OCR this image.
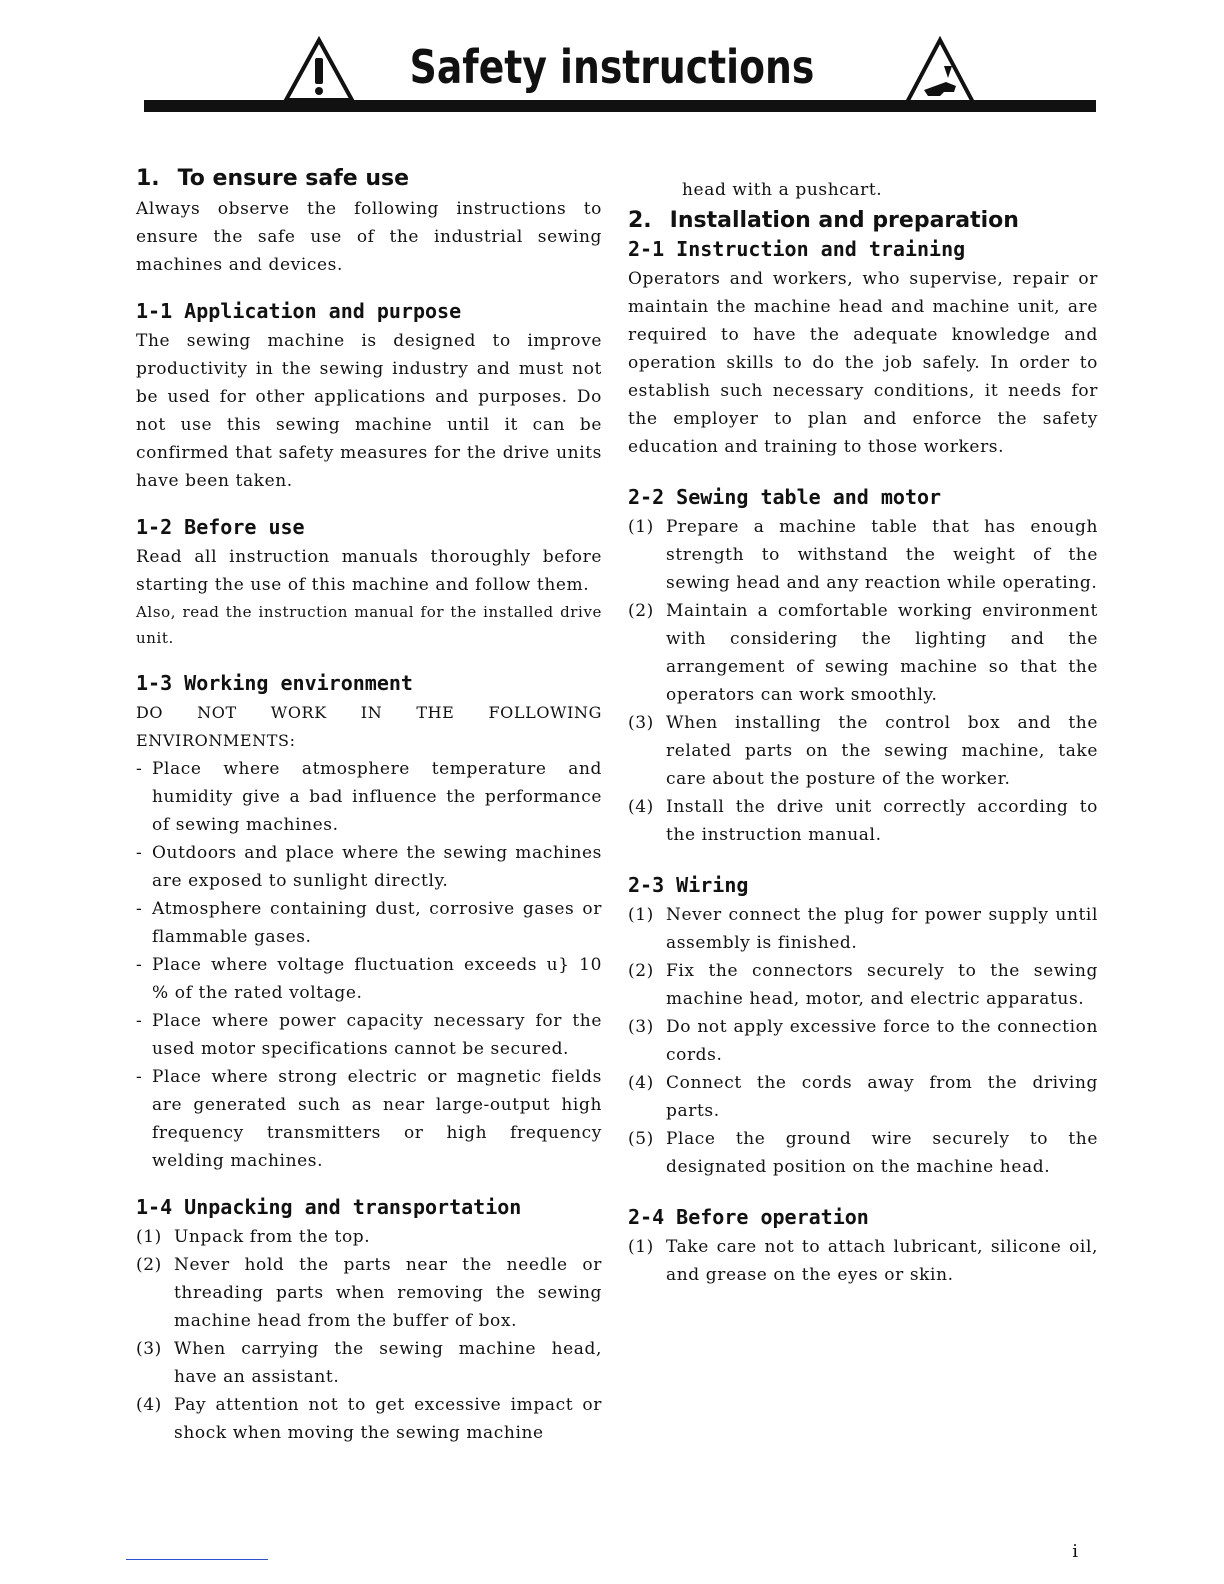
Safety instructions
1. To ensure safe use

Always observe the following instructions to ensure the safe use of the industrial sewing machines and devices.

1-1 Application and purpose

The sewing machine is designed to improve productivity in the sewing industry and must not be used for other applications and purposes. Do not use this sewing machine until it can be confirmed that safety measures for the drive units have been taken.

1-2 Before use

Read all instruction manuals thoroughly before starting the use of this machine and follow them.

Also, read the instruction manual for the installed drive unit.

1-3 Working environment

DO NOT WORK IN THE FOLLOWING ENVIRONMENTS:

- Place where atmosphere temperature and humidity give a bad influence the performance of sewing machines.
- Outdoors and place where the sewing machines are exposed to sunlight directly.
- Atmosphere containing dust, corrosive gases or flammable gases.
- Place where voltage fluctuation exceeds u} 10 % of the rated voltage.
- Place where power capacity necessary for the used motor specifications cannot be secured.
- Place where strong electric or magnetic fields are generated such as near large-output high frequency transmitters or high frequency welding machines.
1-4 Unpacking and transportation
(1) Unpack from the top.
(2) Never hold the parts near the needle or threading parts when removing the sewing machine head from the buffer of box.
(3) When carrying the sewing machine head, have an assistant.
(4) Pay attention not to get excessive impact or shock when moving the sewing machine

head with a pushcart.

2. Installation and preparation
2-1 Instruction and training

Operators and workers, who supervise, repair or maintain the machine head and machine unit, are required to have the adequate knowledge and operation skills to do the job safely. In order to establish such necessary conditions, it needs for the employer to plan and enforce the safety education and training to those workers.

2-2 Sewing table and motor
(1) Prepare a machine table that has enough strength to withstand the weight of the sewing head and any reaction while operating.
(2) Maintain a comfortable working environment with considering the lighting and the arrangement of sewing machine so that the operators can work smoothly.
(3) When installing the control box and the related parts on the sewing machine, take care about the posture of the worker.
(4) Install the drive unit correctly according to the instruction manual.
2-3 Wiring
(1) Never connect the plug for power supply until assembly is finished.
(2) Fix the connectors securely to the sewing machine head, motor, and electric apparatus.
(3) Do not apply excessive force to the connection cords.
(4) Connect the cords away from the driving parts.
(5) Place the ground wire securely to the designated position on the machine head.
2-4 Before operation
(1) Take care not to attach lubricant, silicone oil, and grease on the eyes or skin.
i
